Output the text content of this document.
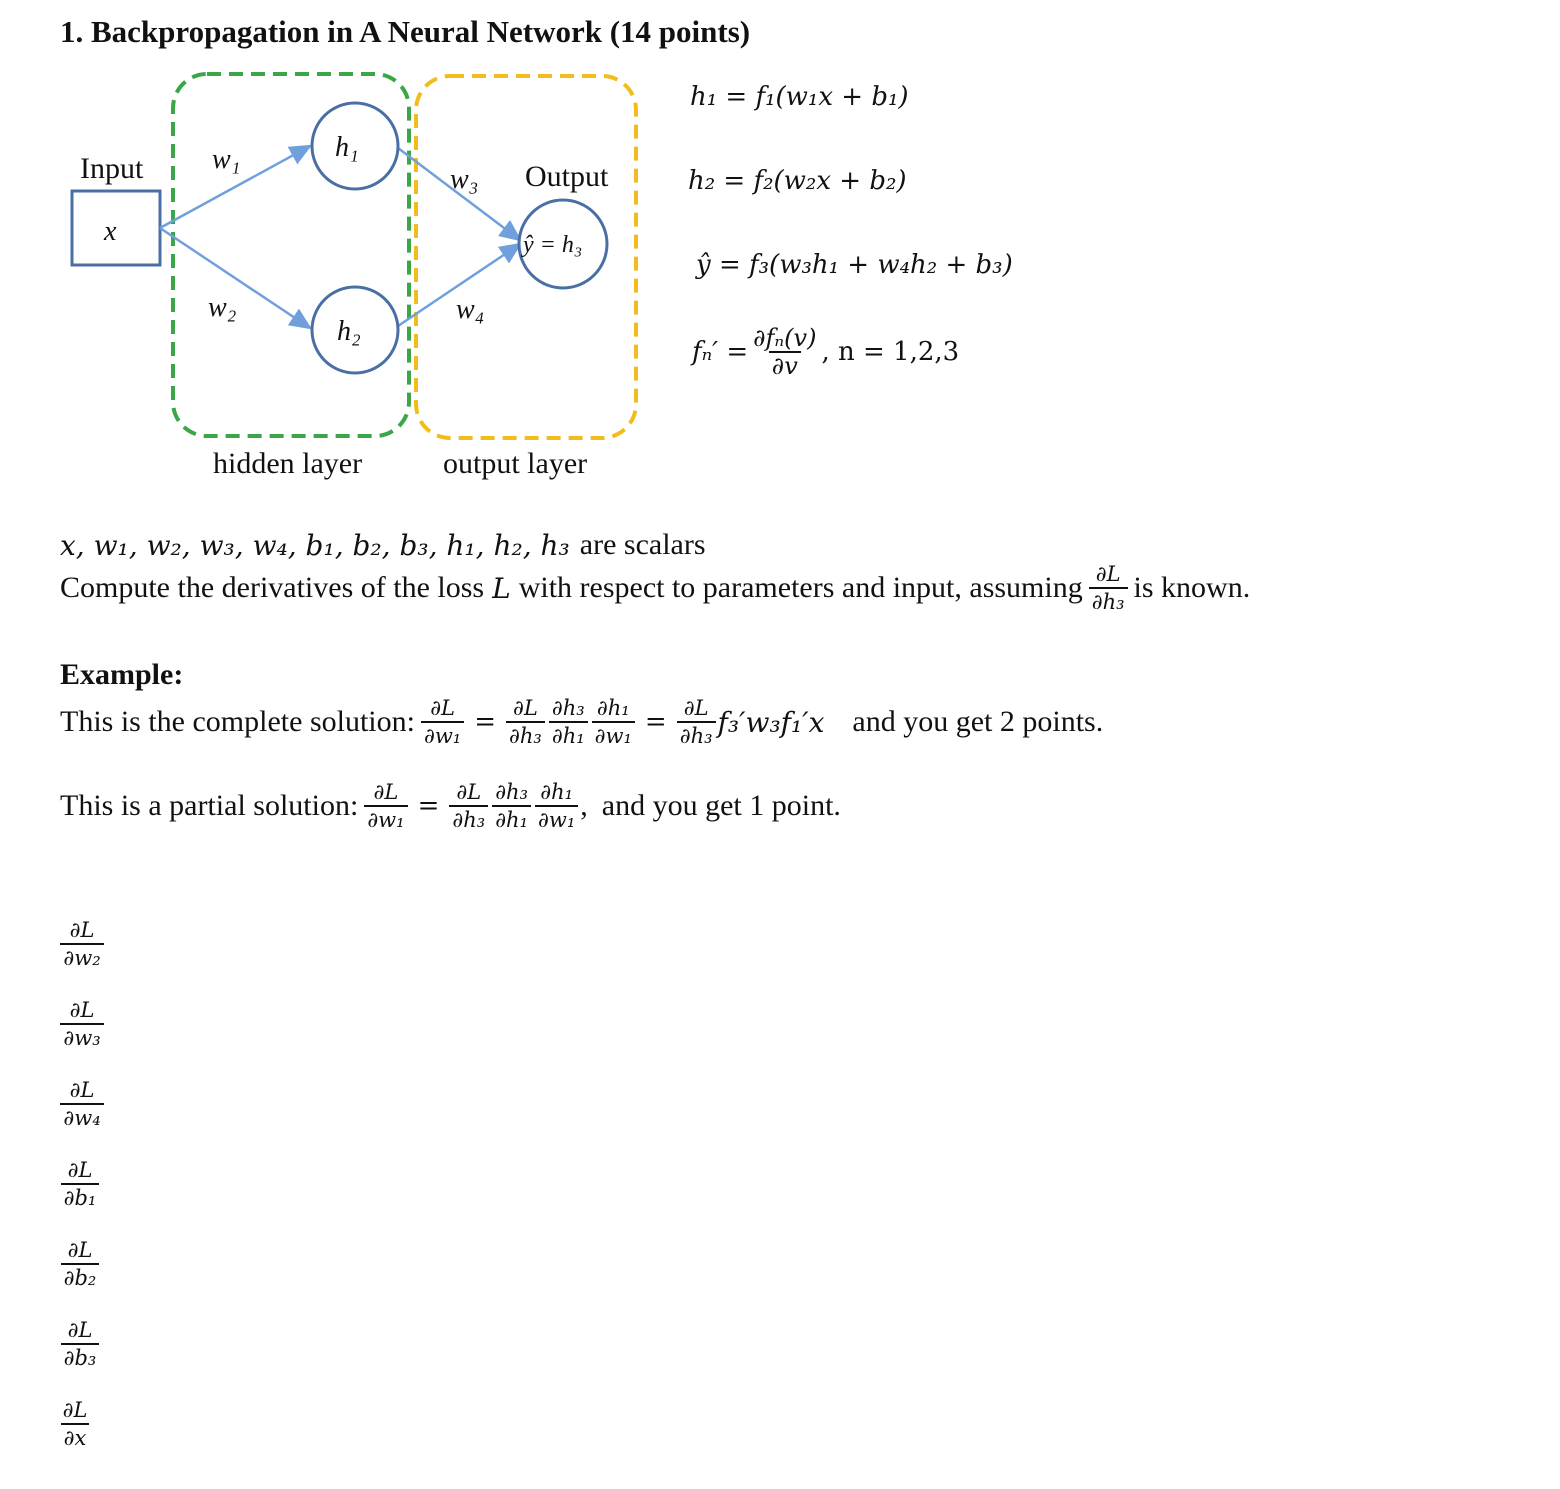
1. Backpropagation in A Neural Network (14 points)
Input
x
h₁
h₂
ŷ = h₃
Output
w₁
w₂
w₃
w₄
hidden layer	output layer
h₁ = f₁(w₁x + b₁)
h₂ = f₂(w₂x + b₂)
ŷ = f₃(w₃h₁ + w₄h₂ + b₃)
$f_n' = \frac{\text{∂fₙ(v)}}{\partial v}$ , n = 1,2,3
x, w₁, w₂, w₃, w₄, b₁, b₂, b₃, h₁, h₂, h₃ are scalars
Compute the derivatives of the loss L with respect to parameters and input, assuming $\frac{\partial L}{\text{∂h₃}}$ is known.
Example:
This is the complete solution: $\frac{\partial L}{\text{∂w₁}} = \frac{\partial L}{\text{∂h₃}} \frac{\text{∂h₃}}{\text{∂h₁}} \frac{\text{∂h₁}}{\text{∂w₁}} = \frac{\partial L}{\text{∂h₃}} f_3'w_3f_1'x$ and you get 2 points.
This is a partial solution: $\frac{\partial L}{\text{∂w₁}} = \frac{\partial L}{\text{∂h₃}} \frac{\text{∂h₃}}{\text{∂h₁}} \frac{\text{∂h₁}}{\text{∂w₁}}$ , and you get 1 point.
∂L
∂w₂
∂L
∂w₃
∂L
∂w₄
∂L
∂b₁
∂L
∂b₂
∂L
∂b₃
∂L
∂x
